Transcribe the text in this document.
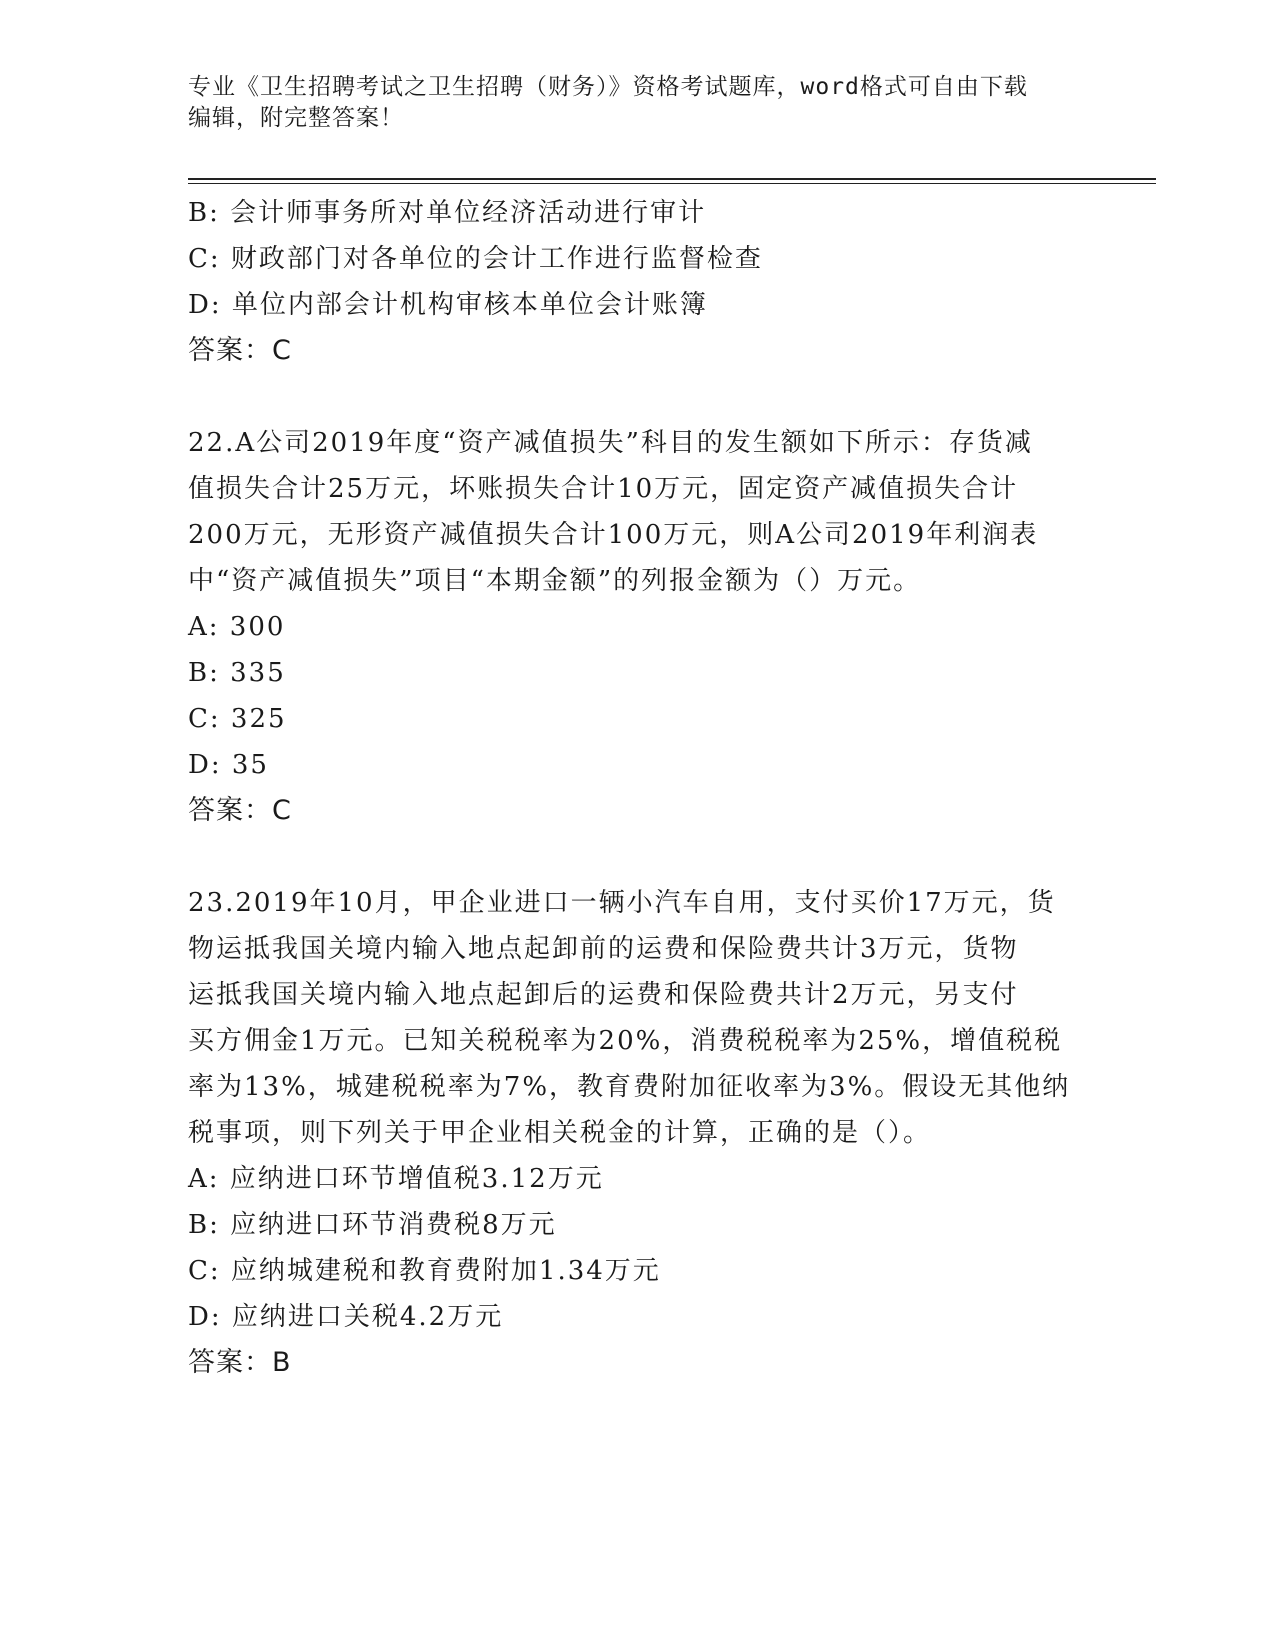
专业《卫生招聘考试之卫生招聘（财务）》资格考试题库，word格式可自由下载
编辑，附完整答案！
B: 会计师事务所对单位经济活动进行审计
C: 财政部门对各单位的会计工作进行监督检查
D: 单位内部会计机构审核本单位会计账簿
答案：C
22.A公司2019年度“资产减值损失”科目的发生额如下所示：存货减
值损失合计25万元，坏账损失合计10万元，固定资产减值损失合计
200万元，无形资产减值损失合计100万元，则A公司2019年利润表
中“资产减值损失”项目“本期金额”的列报金额为（）万元。
A: 300
B: 335
C: 325
D: 35
答案：C
23.2019年10月，甲企业进口一辆小汽车自用，支付买价17万元，货
物运抵我国关境内输入地点起卸前的运费和保险费共计3万元，货物
运抵我国关境内输入地点起卸后的运费和保险费共计2万元，另支付
买方佣金1万元。已知关税税率为20%，消费税税率为25%，增值税税
率为13%，城建税税率为7%，教育费附加征收率为3%。假设无其他纳
税事项，则下列关于甲企业相关税金的计算，正确的是（）。
A: 应纳进口环节增值税3.12万元
B: 应纳进口环节消费税8万元
C: 应纳城建税和教育费附加1.34万元
D: 应纳进口关税4.2万元
答案：B
